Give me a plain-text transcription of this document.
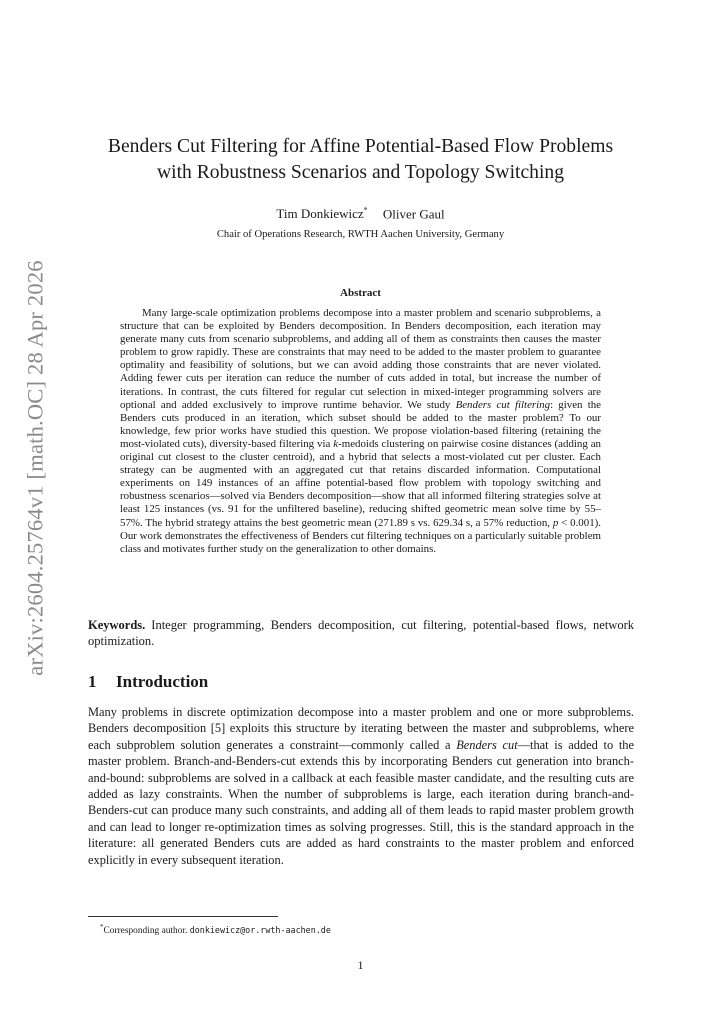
arXiv:2604.25764v1 [math.OC] 28 Apr 2026
Benders Cut Filtering for Affine Potential-Based Flow Problems
with Robustness Scenarios and Topology Switching
Tim Donkiewicz* Oliver Gaul
Chair of Operations Research, RWTH Aachen University, Germany
Abstract
Many large-scale optimization problems decompose into a master problem and scenario subproblems, a structure that can be exploited by Benders decomposition. In Benders decomposition, each iteration may generate many cuts from scenario subproblems, and adding all of them as constraints then causes the master problem to grow rapidly. These are constraints that may need to be added to the master problem to guarantee optimality and feasibility of solutions, but we can avoid adding those constraints that are never violated. Adding fewer cuts per iteration can reduce the number of cuts added in total, but increase the number of iterations. In contrast, the cuts filtered for regular cut selection in mixed-integer programming solvers are optional and added exclusively to improve runtime behavior. We study Benders cut filtering: given the Benders cuts produced in an iteration, which subset should be added to the master problem? To our knowledge, few prior works have studied this question. We propose violation-based filtering (retaining the most-violated cuts), diversity-based filtering via k-medoids clustering on pairwise cosine distances (adding an original cut closest to the cluster centroid), and a hybrid that selects a most-violated cut per cluster. Each strategy can be augmented with an aggregated cut that retains discarded information. Computational experiments on 149 instances of an affine potential-based flow problem with topology switching and robustness scenarios—solved via Benders decomposition—show that all informed filtering strategies solve at least 125 instances (vs. 91 for the unfiltered baseline), reducing shifted geometric mean solve time by 55–57%. The hybrid strategy attains the best geometric mean (271.89 s vs. 629.34 s, a 57% reduction, p < 0.001). Our work demonstrates the effectiveness of Benders cut filtering techniques on a particularly suitable problem class and motivates further study on the generalization to other domains.
Keywords. Integer programming, Benders decomposition, cut filtering, potential-based flows, network optimization.
1 Introduction
Many problems in discrete optimization decompose into a master problem and one or more subproblems. Benders decomposition [5] exploits this structure by iterating between the master and subproblems, where each subproblem solution generates a constraint—commonly called a Benders cut—that is added to the master problem. Branch-and-Benders-cut extends this by incorporating Benders cut generation into branch-and-bound: subproblems are solved in a callback at each feasible master candidate, and the resulting cuts are added as lazy constraints. When the number of subproblems is large, each iteration during branch-and-Benders-cut can produce many such constraints, and adding all of them leads to rapid master problem growth and can lead to longer re-optimization times as solving progresses. Still, this is the standard approach in the literature: all generated Benders cuts are added as hard constraints to the master problem and enforced explicitly in every subsequent iteration.
*Corresponding author. donkiewicz@or.rwth-aachen.de
1
